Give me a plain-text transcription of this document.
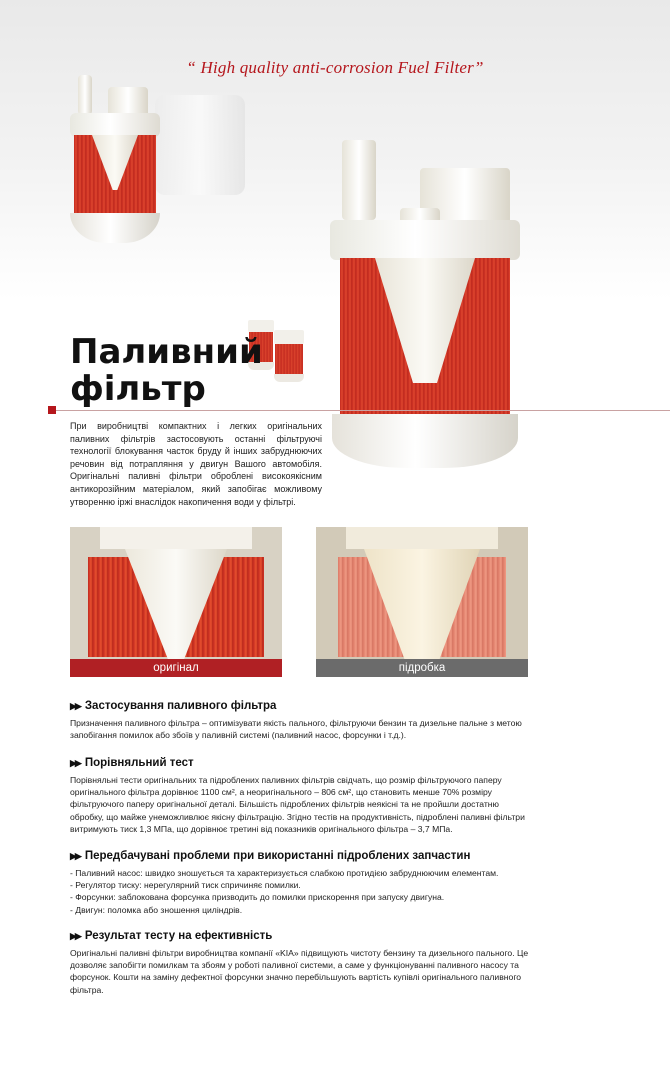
“ High quality anti-corrosion Fuel Filter”
Паливний
фільтр

При виробництві компактних і легких оригінальних паливних фільтрів застосовують останні фільтруючі технології блокування часток бруду й інших забруднюючих речовин від потрапляння у двигун Вашого автомобіля. Оригінальні паливні фільтри оброблені високоякісним антикорозійним матеріалом, який запобігає можливому утворенню іржі внаслідок накопичення води у фільтрі.

оригінал	підробка
▶▶ Застосування паливного фільтра

Призначення паливного фільтра – оптимізувати якість пального, фільтруючи бензин та дизельне пальне з метою запобігання помилок або збоїв у паливній системі (паливний насос, форсунки і т.д.).

▶▶ Порівняльний тест

Порівняльні тести оригінальних та підроблених паливних фільтрів свідчать, що розмір фільтруючого паперу оригінального фільтра дорівнює 1100 см², а неоригінального – 806 см², що становить менше 70% розміру фільтруючого паперу оригінальної деталі. Більшість підроблених фільтрів неякісні та не пройшли достатню обробку, що майже унеможливлює якісну фільтрацію. Згідно тестів на продуктивність, підроблені паливні фільтри витримують тиск 1,3 МПа, що дорівнює третині від показників оригінального фільтра – 3,7 МПа.

▶▶ Передбачувані проблеми при використанні підроблених запчастин
- Паливний насос: швидко зношується та характеризується слабкою протидією забруднюючим елементам.
- Регулятор тиску: нерегулярний тиск спричиняє помилки.
- Форсунки: заблокована форсунка призводить до помилки прискорення при запуску двигуна.
- Двигун: поломка або зношення циліндрів.
▶▶ Результат тесту на ефективність

Оригінальні паливні фільтри виробництва компанії «KIA» підвищують чистоту бензину та дизельного пального. Це дозволяє запобігти помилкам та збоям у роботі паливної системи, а саме у функціонуванні паливного насосу та форсунок. Кошти на заміну дефектної форсунки значно перебільшують вартість купівлі оригінального паливного фільтра.
